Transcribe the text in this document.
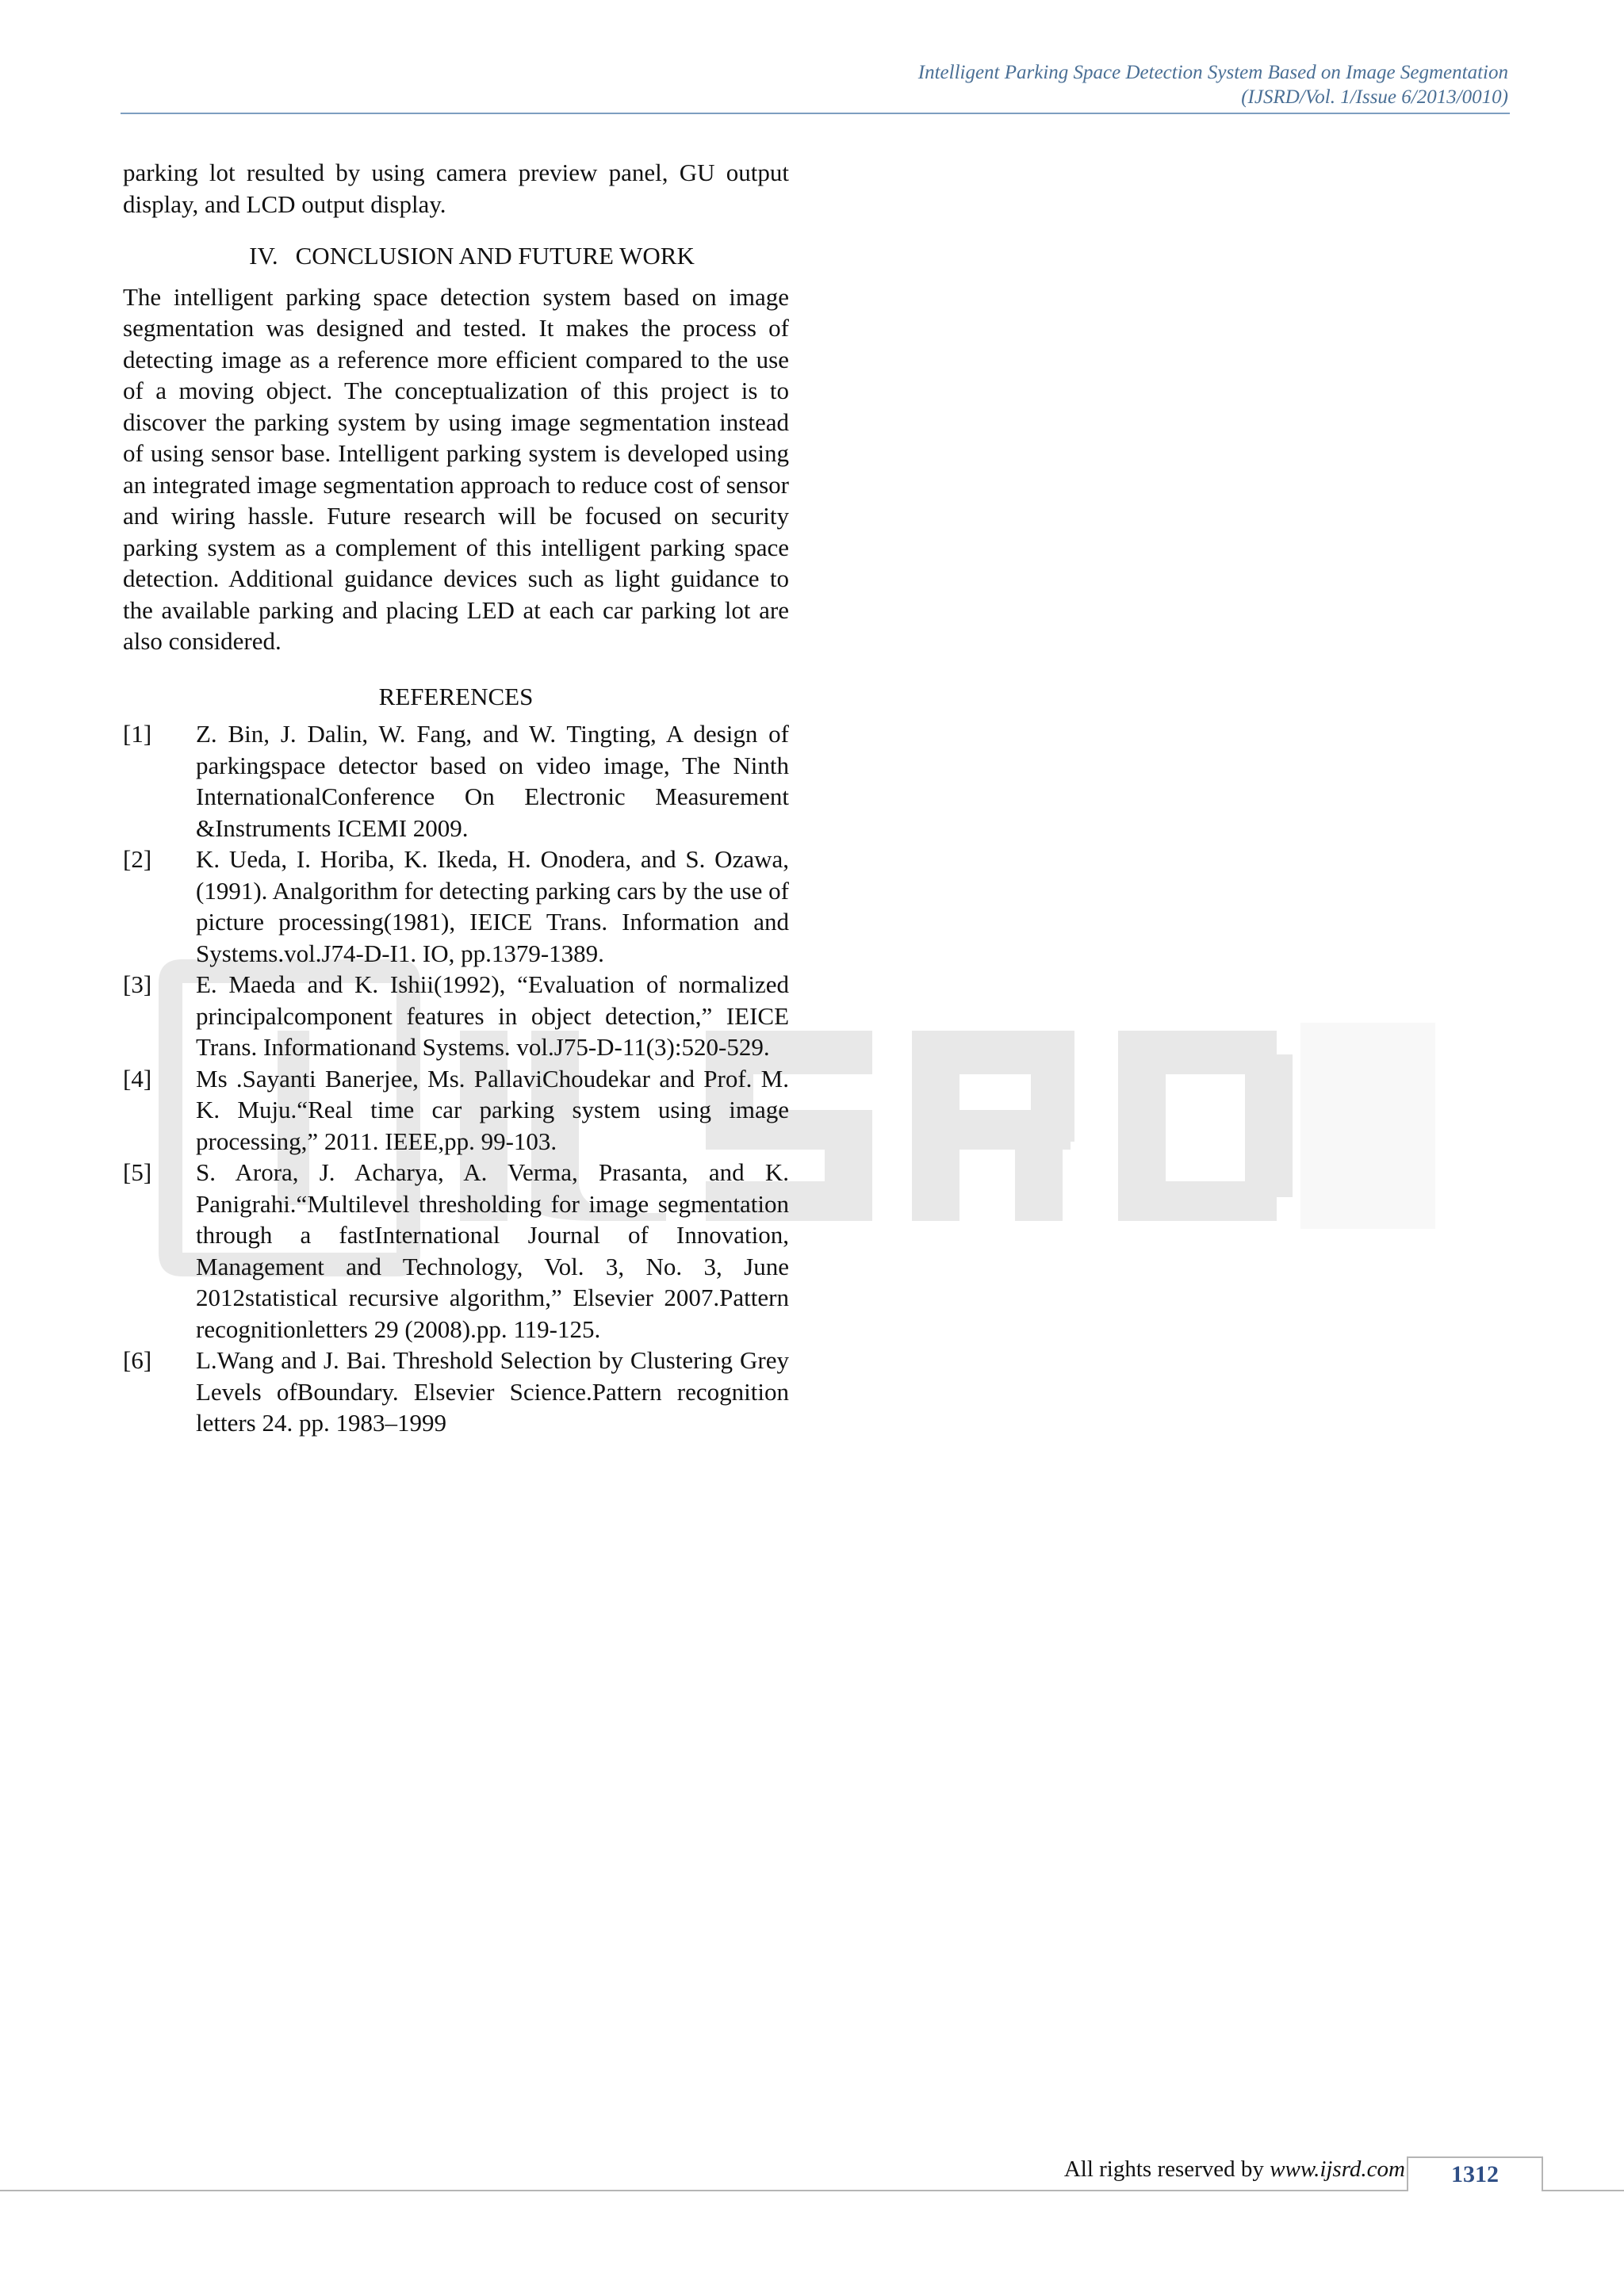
Intelligent Parking Space Detection System Based on Image Segmentation
(IJSRD/Vol. 1/Issue 6/2013/0010)

parking lot resulted by using camera preview panel, GU output display, and LCD output display.

IV. CONCLUSION AND FUTURE WORK

The intelligent parking space detection system based on image segmentation was designed and tested. It makes the process of detecting image as a reference more efficient compared to the use of a moving object. The conceptualization of this project is to discover the parking system by using image segmentation instead of using sensor base. Intelligent parking system is developed using an integrated image segmentation approach to reduce cost of sensor and wiring hassle. Future research will be focused on security parking system as a complement of this intelligent parking space detection. Additional guidance devices such as light guidance to the available parking and placing LED at each car parking lot are also considered.

REFERENCES
[1]	Z. Bin, J. Dalin, W. Fang, and W. Tingting, A design of parkingspace detector based on video image, The Ninth InternationalConference On Electronic Measurement &Instruments ICEMI 2009.
[2]	K. Ueda, I. Horiba, K. Ikeda, H. Onodera, and S. Ozawa, (1991). Analgorithm for detecting parking cars by the use of picture processing(1981), IEICE Trans. Information and Systems.vol.J74-D-I1. IO, pp.1379-1389.
[3]	E. Maeda and K. Ishii(1992), “Evaluation of normalized principalcomponent features in object detection,” IEICE Trans. Informationand Systems. vol.J75-D-11(3):520-529.
[4]	Ms .Sayanti Banerjee, Ms. PallaviChoudekar and Prof. M. K. Muju.“Real time car parking system using image processing,” 2011. IEEE,pp. 99-103.
[5]	S. Arora, J. Acharya, A. Verma, Prasanta, and K. Panigrahi.“Multilevel thresholding for image segmentation through a fastInternational Journal of Innovation, Management and Technology, Vol. 3, No. 3, June 2012statistical recursive algorithm,” Elsevier 2007.Pattern recognitionletters 29 (2008).pp. 119-125.
[6]	L.Wang and J. Bai. Threshold Selection by Clustering Grey Levels ofBoundary. Elsevier Science.Pattern recognition letters 24. pp. 1983–1999
All rights reserved by www.ijsrd.com	1312
